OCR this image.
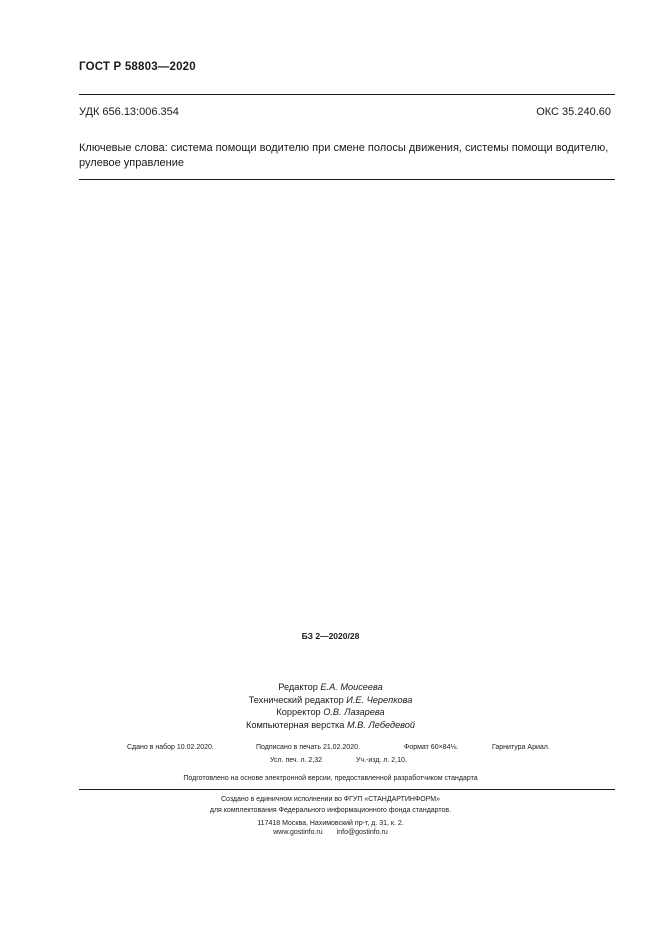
ГОСТ Р 58803—2020
УДК 656.13:006.354	ОКС 35.240.60
Ключевые слова: система помощи водителю при смене полосы движения, системы помощи водителю,
рулевое управление
БЗ 2—2020/28
Редактор Е.А. Моисеева
Технический редактор И.Е. Черепкова
Корректор О.В. Лазарева
Компьютерная верстка М.В. Лебедевой
Сдано в набор 10.02.2020.	Подписано в печать 21.02.2020.	Формат 60×84⅛.	Гарнитура Ариал.
Усл. печ. л. 2,32	Уч.-изд. л. 2,10.
Подготовлено на основе электронной версии, предоставленной разработчиком стандарта
Создано в единичном исполнении во ФГУП «СТАНДАРТИНФОРМ»
для комплектования Федерального информационного фонда стандартов.
117418 Москва, Нахимовский пр-т, д. 31, к. 2.
www.gostinfo.ru info@gostinfo.ru
